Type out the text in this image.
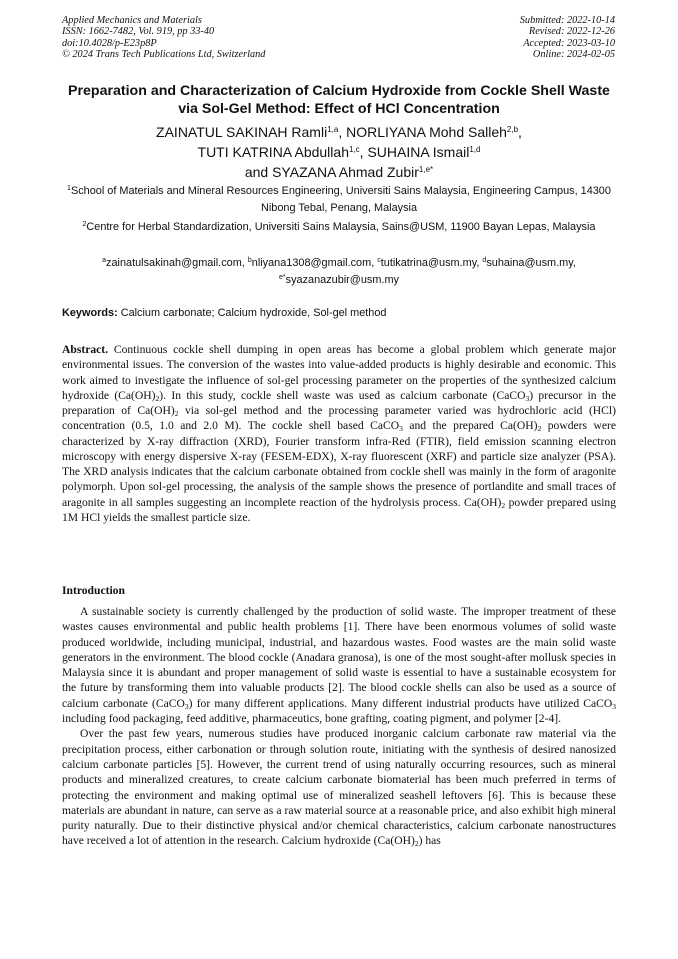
Applied Mechanics and Materials
ISSN: 1662-7482, Vol. 919, pp 33-40
doi:10.4028/p-E23p8P
© 2024 Trans Tech Publications Ltd, Switzerland
Submitted: 2022-10-14
Revised: 2022-12-26
Accepted: 2023-03-10
Online: 2024-02-05
Preparation and Characterization of Calcium Hydroxide from Cockle Shell Waste via Sol-Gel Method: Effect of HCl Concentration
ZAINATUL SAKINAH Ramli$^{1,a}$, NORLIYANA Mohd Salleh$^{2,b}$,
TUTI KATRINA Abdullah$^{1,c}$, SUHAINA Ismail$^{1,d}$
and SYAZANA Ahmad Zubir$^{1,e*}$
$^1$School of Materials and Mineral Resources Engineering, Universiti Sains Malaysia, Engineering Campus, 14300 Nibong Tebal, Penang, Malaysia
$^2$Centre for Herbal Standardization, Universiti Sains Malaysia, Sains@USM, 11900 Bayan Lepas, Malaysia
$^a$zainatulsakinah@gmail.com, $^b$nliyana1308@gmail.com, $^c$tutikatrina@usm.my, $^d$suhaina@usm.my,
$^{e*}$syazanazubir@usm.my
Keywords: Calcium carbonate; Calcium hydroxide, Sol-gel method
Abstract. Continuous cockle shell dumping in open areas has become a global problem which generate major environmental issues. The conversion of the wastes into value-added products is highly desirable and economic. This work aimed to investigate the influence of sol-gel processing parameter on the properties of the synthesized calcium hydroxide $(Ca(OH)_2)$. In this study, cockle shell waste was used as calcium carbonate (CaCO$_3$) precursor in the preparation of $Ca(OH)_2$ via sol-gel method and the processing parameter varied was hydrochloric acid (HCl) concentration (0.5, 1.0 and 2.0 M). The cockle shell based CaCO$_3$ and the prepared $Ca(OH)_2$ powders were characterized by X-ray diffraction (XRD), Fourier transform infra-Red (FTIR), field emission scanning electron microscopy with energy dispersive X-ray (FESEM-EDX), X-ray fluorescent (XRF) and particle size analyzer (PSA). The XRD analysis indicates that the calcium carbonate obtained from cockle shell was mainly in the form of aragonite polymorph. Upon sol-gel processing, the analysis of the sample shows the presence of portlandite and small traces of aragonite in all samples suggesting an incomplete reaction of the hydrolysis process. $Ca(OH)_2$ powder prepared using 1M HCl yields the smallest particle size.
Introduction

A sustainable society is currently challenged by the production of solid waste. The improper treatment of these wastes causes environmental and public health problems [1]. There have been enormous volumes of solid waste produced worldwide, including municipal, industrial, and hazardous wastes. Food wastes are the main solid waste generators in the environment. The blood cockle (Anadara granosa), is one of the most sought-after mollusk species in Malaysia since it is abundant and proper management of solid waste is essential to have a sustainable ecosystem for the future by transforming them into valuable products [2]. The blood cockle shells can also be used as a source of calcium carbonate (CaCO$_3$) for many different applications. Many different industrial products have utilized CaCO$_3$ including food packaging, feed additive, pharmaceutics, bone grafting, coating pigment, and polymer [2-4].

Over the past few years, numerous studies have produced inorganic calcium carbonate raw material via the precipitation process, either carbonation or through solution route, initiating with the synthesis of desired nanosized calcium carbonate particles [5]. However, the current trend of using naturally occurring resources, such as mineral products and mineralized creatures, to create calcium carbonate biomaterial has been much preferred in terms of protecting the environment and making optimal use of mineralized seashell leftovers [6]. This is because these materials are abundant in nature, can serve as a raw material source at a reasonable price, and also exhibit high mineral purity naturally. Due to their distinctive physical and/or chemical characteristics, calcium carbonate nanostructures have received a lot of attention in the research. Calcium hydroxide $(Ca(OH)_2)$ has
